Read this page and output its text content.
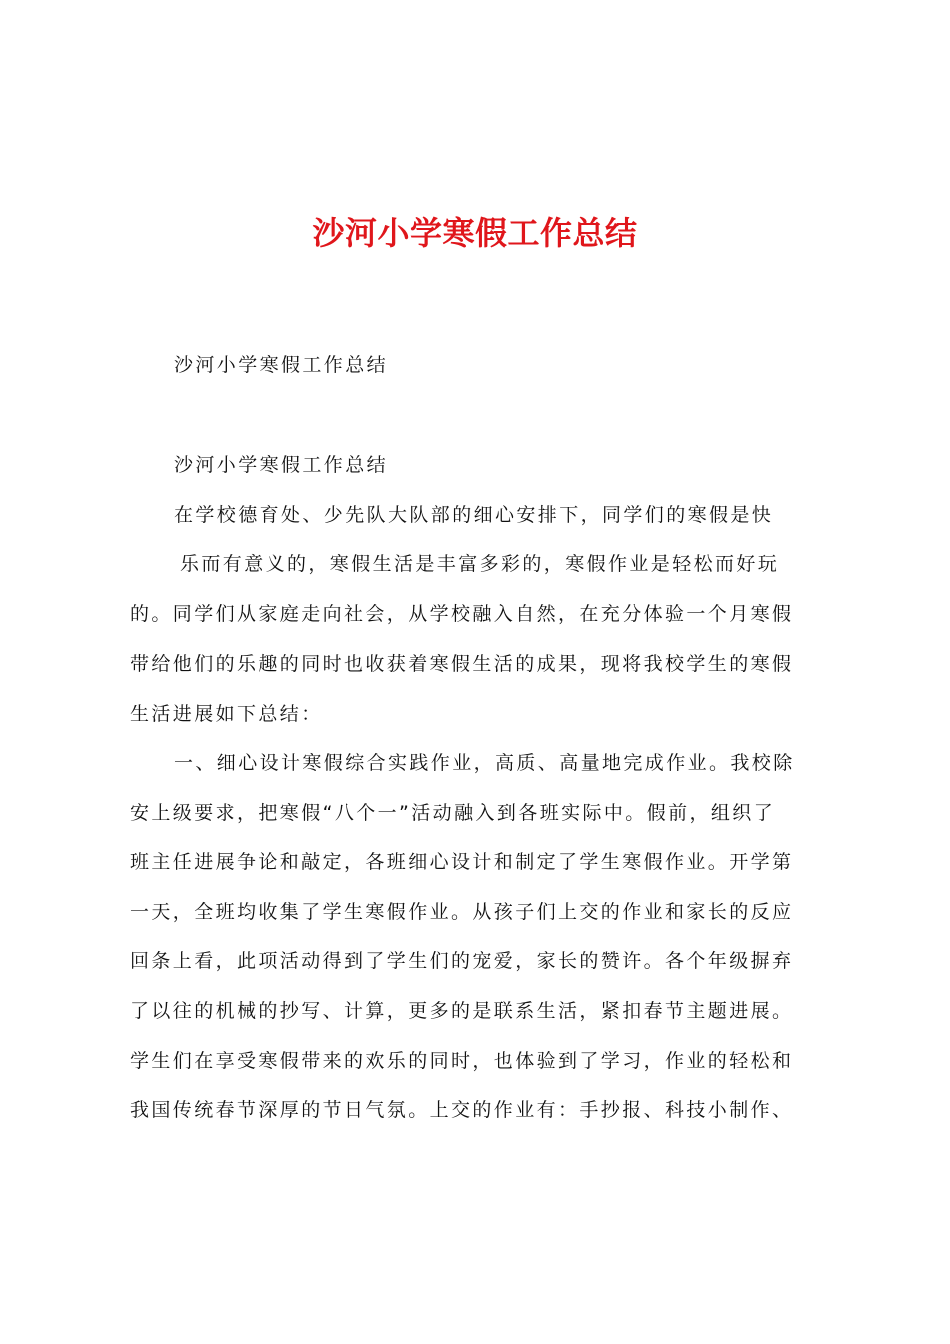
沙河小学寒假工作总结
沙河小学寒假工作总结
沙河小学寒假工作总结
在学校德育处、少先队大队部的细心安排下，同学们的寒假是快
乐而有意义的，寒假生活是丰富多彩的，寒假作业是轻松而好玩
的。同学们从家庭走向社会，从学校融入自然，在充分体验一个月寒假
带给他们的乐趣的同时也收获着寒假生活的成果，现将我校学生的寒假
生活进展如下总结：
一、细心设计寒假综合实践作业，高质、高量地完成作业。我校除
安上级要求，把寒假“八个一”活动融入到各班实际中。假前，组织了
班主任进展争论和敲定，各班细心设计和制定了学生寒假作业。开学第
一天，全班均收集了学生寒假作业。从孩子们上交的作业和家长的反应
回条上看，此项活动得到了学生们的宠爱，家长的赞许。各个年级摒弃
了以往的机械的抄写、计算，更多的是联系生活，紧扣春节主题进展。
学生们在享受寒假带来的欢乐的同时，也体验到了学习，作业的轻松和
我国传统春节深厚的节日气氛。上交的作业有：手抄报、科技小制作、
